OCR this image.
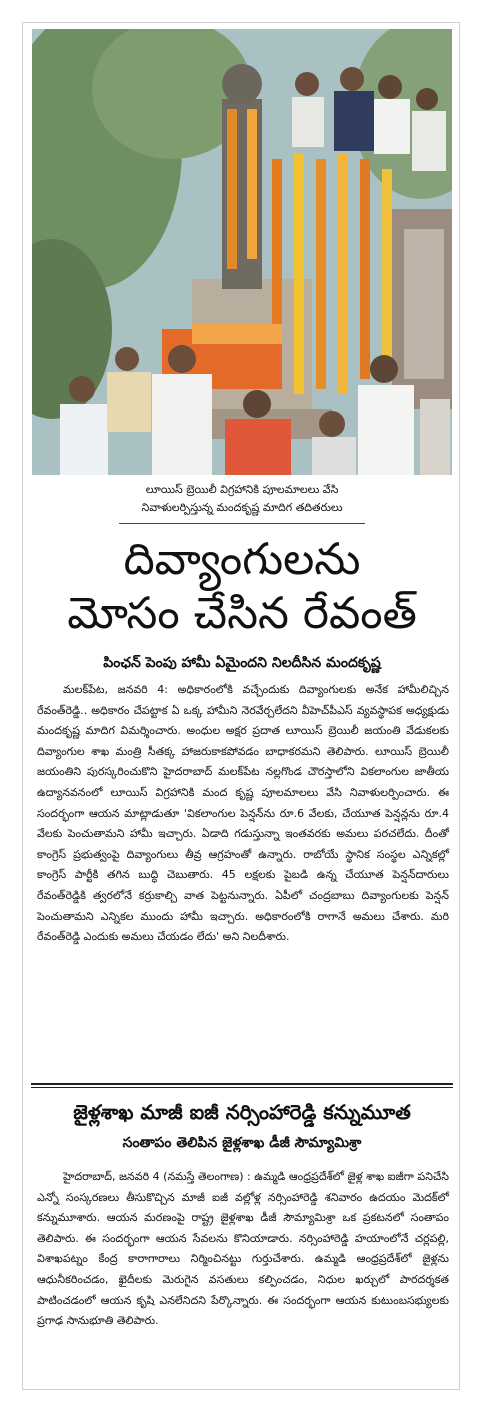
లూయిస్ బ్రెయిలీ విగ్రహానికి పూలమాలలు వేసి
నివాళులర్పిస్తున్న మందకృష్ణ మాదిగ తదితరులు
దివ్యాంగులను
మోసం చేసిన రేవంత్
పింఛన్ పెంపు హామీ ఏమైందని నిలదీసిన మందకృష్ణ
మలక్‌పేట, జనవరి 4: అధికారంలోకి వచ్చేందుకు దివ్యాంగులకు అనేక హామీలిచ్చిన రేవంత్‌రెడ్డి.. అధికారం చేపట్టాక ఏ ఒక్క హామీని నెరవేర్చలేదని వీహెచ్‌పీఎస్ వ్యవస్థాపక అధ్యక్షుడు మందకృష్ణ మాదిగ విమర్శించారు. అంధుల అక్షర ప్రదాత లూయిస్ బ్రెయిలీ జయంతి వేడుకలకు దివ్యాంగుల శాఖ మంత్రి సీతక్క హాజరుకాకపోవడం బాధాకరమని తెలిపారు. లూయిస్ బ్రెయిలీ జయంతిని పురస్కరించుకొని హైదరాబాద్ మలక్‌పేట నల్లగొండ చౌరస్తాలోని వికలాంగుల జాతీయ ఉద్యానవనంలో లూయిస్ విగ్రహానికి మంద కృష్ణ పూలమాలలు వేసి నివాళులర్పించారు. ఈ సందర్భంగా ఆయన మాట్లాడుతూ 'వికలాంగుల పెన్షన్‌ను రూ.6 వేలకు, చేయూత పెన్షన్లను రూ.4 వేలకు పెంచుతామని హామీ ఇచ్చారు. ఏడాది గడుస్తున్నా ఇంతవరకు అమలు పరచలేదు. దీంతో కాంగ్రెస్ ప్రభుత్వంపై దివ్యాంగులు తీవ్ర ఆగ్రహంతో ఉన్నారు. రాబోయే స్థానిక సంస్థల ఎన్నికల్లో కాంగ్రెస్ పార్టీకి తగిన బుద్ధి చెబుతారు. 45 లక్షలకు పైబడి ఉన్న చేయూత పెన్షన్‌దారులు రేవంత్‌రెడ్డికి త్వరలోనే కర్రుకాల్చి వాత పెట్టనున్నారు. ఏపీలో చంద్రబాబు దివ్యాంగులకు పెన్షన్ పెంచుతామని ఎన్నికల ముందు హామీ ఇచ్చారు. అధికారంలోకి రాగానే అమలు చేశారు. మరి రేవంత్‌రెడ్డి ఎందుకు అమలు చేయడం లేదు' అని నిలదీశారు.
జైళ్లశాఖ మాజీ ఐజీ నర్సింహారెడ్డి కన్నుమూత
సంతాపం తెలిపిన జైళ్లశాఖ డీజీ సౌమ్యామిశ్రా
హైదరాబాద్, జనవరి 4 (నమస్తే తెలంగాణ) : ఉమ్మడి ఆంధ్రప్రదేశ్‌లో జైళ్ల శాఖ ఐజీగా పనిచేసి ఎన్నో సంస్కరణలు తీసుకొచ్చిన మాజీ ఐజీ వల్లోళ్ల నర్సింహారెడ్డి శనివారం ఉదయం మెదక్‌లో కన్నుమూశారు. ఆయన మరణంపై రాష్ట్ర జైళ్లశాఖ డీజీ సౌమ్యామిశ్రా ఒక ప్రకటనలో సంతాపం తెలిపారు. ఈ సందర్భంగా ఆయన సేవలను కొనియాడారు. నర్సింహారెడ్డి హయాంలోనే చర్లపల్లి, విశాఖపట్నం కేంద్ర కారాగారాలు నిర్మించినట్టు గుర్తుచేశారు. ఉమ్మడి ఆంధ్రప్రదేశ్‌లో జైళ్లను ఆధునీకరించడం, ఖైదీలకు మెరుగైన వసతులు కల్పించడం, నిధుల ఖర్చులో పారదర్శకత పాటించడంలో ఆయన కృషి ఎనలేనిదని పేర్కొన్నారు. ఈ సందర్భంగా ఆయన కుటుంబసభ్యులకు ప్రగాఢ సానుభూతి తెలిపారు.
